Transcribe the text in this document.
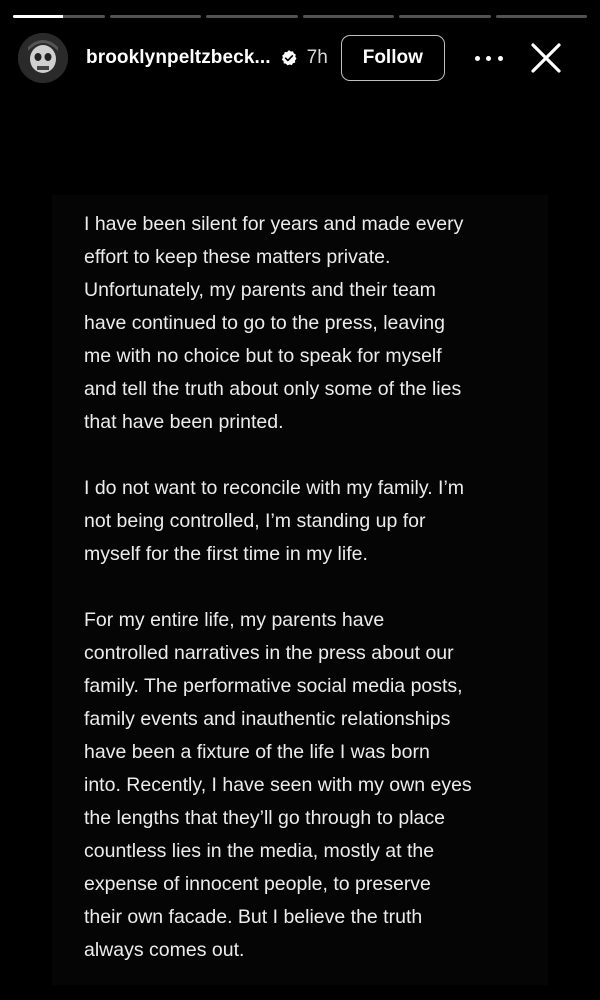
brooklynpeltzbeck... 7h	Follow

I have been silent for years and made every
effort to keep these matters private.
Unfortunately, my parents and their team
have continued to go to the press, leaving
me with no choice but to speak for myself
and tell the truth about only some of the lies
that have been printed.

I do not want to reconcile with my family. I’m
not being controlled, I’m standing up for
myself for the first time in my life.

For my entire life, my parents have
controlled narratives in the press about our
family. The performative social media posts,
family events and inauthentic relationships
have been a fixture of the life I was born
into. Recently, I have seen with my own eyes
the lengths that they’ll go through to place
countless lies in the media, mostly at the
expense of innocent people, to preserve
their own facade. But I believe the truth
always comes out.
